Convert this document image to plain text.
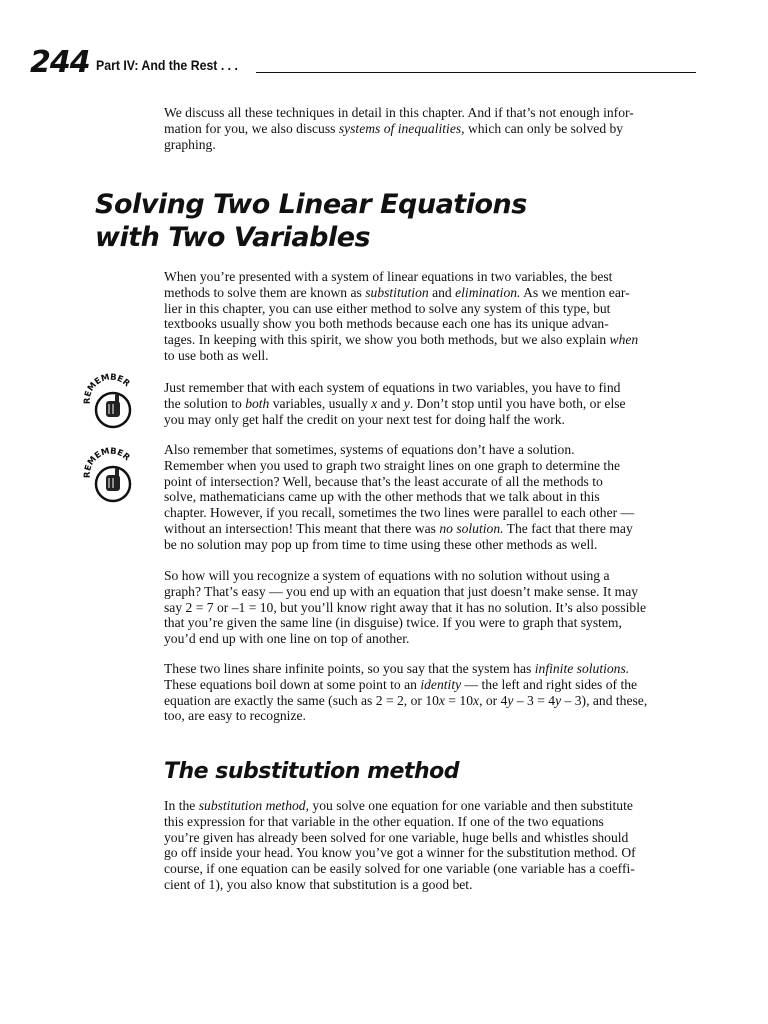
244 Part IV: And the Rest . . .

We discuss all these techniques in detail in this chapter. And if that’s not enough infor-
mation for you, we also discuss systems of inequalities, which can only be solved by
graphing.

Solving Two Linear Equations
with Two Variables

When you’re presented with a system of linear equations in two variables, the best
methods to solve them are known as substitution and elimination. As we mention ear-
lier in this chapter, you can use either method to solve any system of this type, but
textbooks usually show you both methods because each one has its unique advan-
tages. In keeping with this spirit, we show you both methods, but we also explain when
to use both as well.

REMEMBER Just remember that with each system of equations in two variables, you have to find
the solution to both variables, usually x and y. Don’t stop until you have both, or else
you may only get half the credit on your next test for doing half the work.

REMEMBER

Also remember that sometimes, systems of equations don’t have a solution.
Remember when you used to graph two straight lines on one graph to determine the
point of intersection? Well, because that’s the least accurate of all the methods to
solve, mathematicians came up with the other methods that we talk about in this
chapter. However, if you recall, sometimes the two lines were parallel to each other —
without an intersection! This meant that there was no solution. The fact that there may
be no solution may pop up from time to time using these other methods as well.

So how will you recognize a system of equations with no solution without using a
graph? That’s easy — you end up with an equation that just doesn’t make sense. It may
say 2 = 7 or –1 = 10, but you’ll know right away that it has no solution. It’s also possible
that you’re given the same line (in disguise) twice. If you were to graph that system,
you’d end up with one line on top of another.

These two lines share infinite points, so you say that the system has infinite solutions.
These equations boil down at some point to an identity — the left and right sides of the
equation are exactly the same (such as 2 = 2, or 10x = 10x, or 4y – 3 = 4y – 3), and these,
too, are easy to recognize.

The substitution method

In the substitution method, you solve one equation for one variable and then substitute
this expression for that variable in the other equation. If one of the two equations
you’re given has already been solved for one variable, huge bells and whistles should
go off inside your head. You know you’ve got a winner for the substitution method. Of
course, if one equation can be easily solved for one variable (one variable has a coeffi-
cient of 1), you also know that substitution is a good bet.
